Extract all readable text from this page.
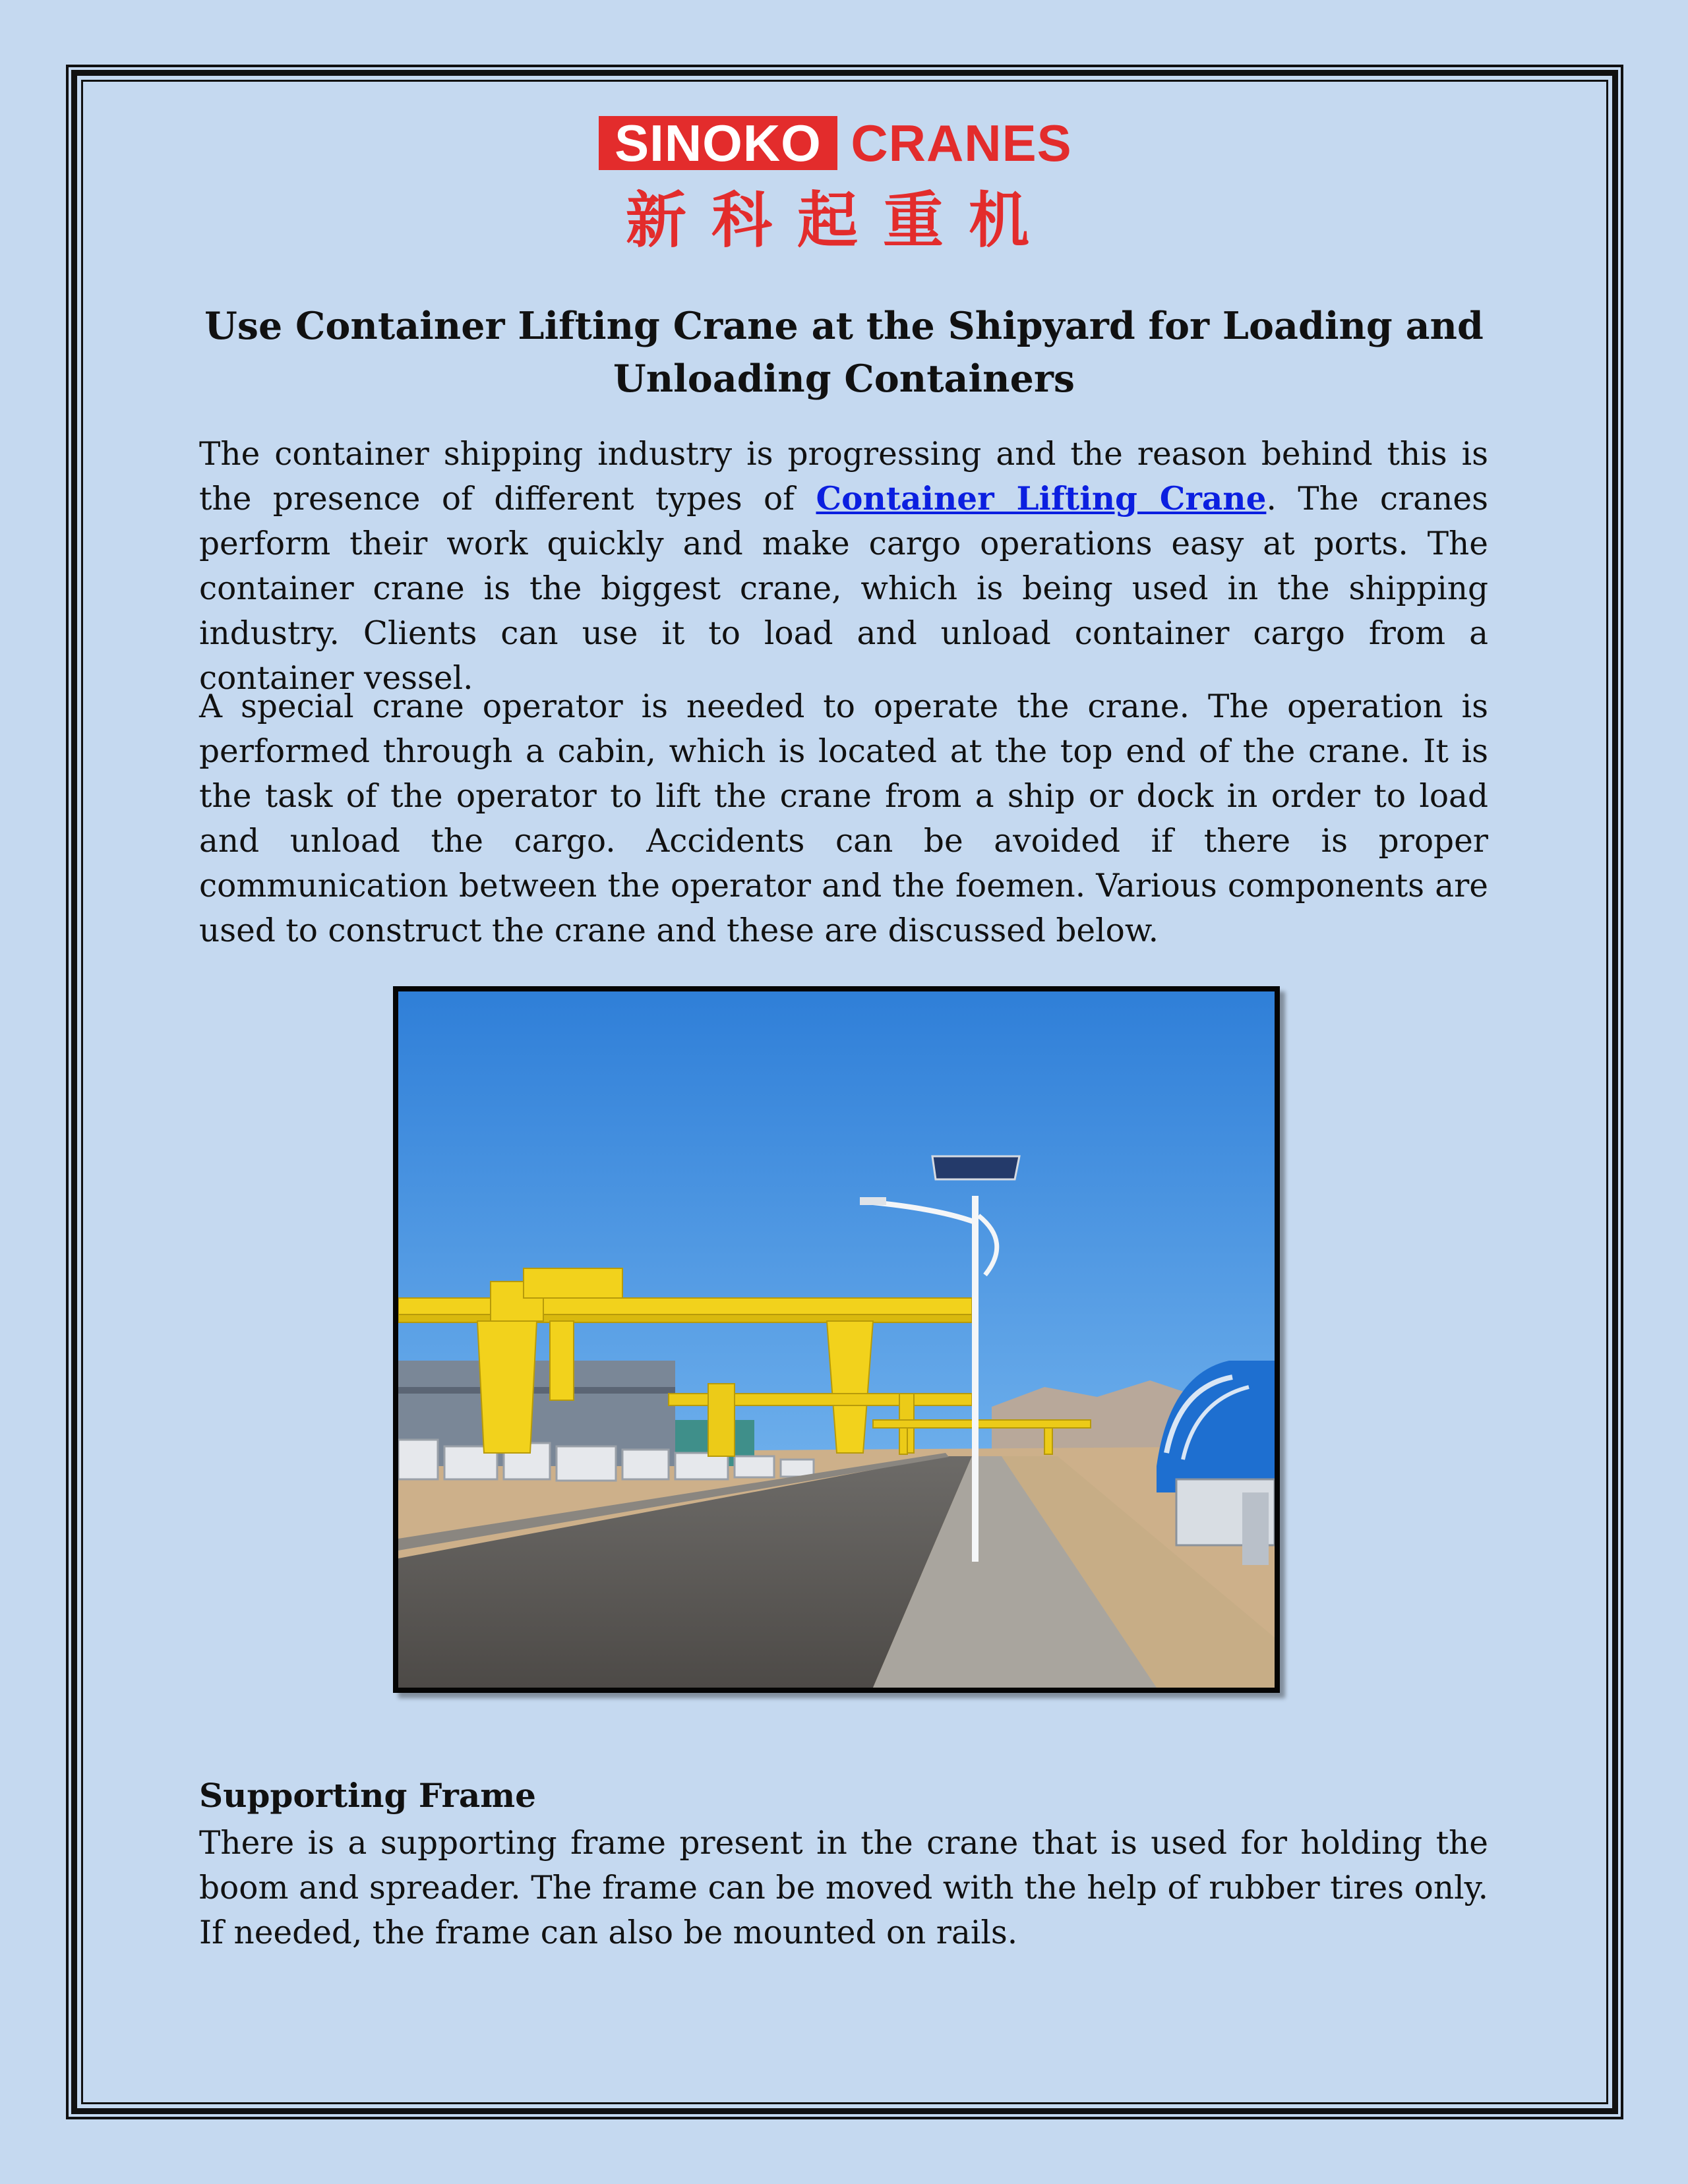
SINOKO CRANES
新科起重机
Use Container Lifting Crane at the Shipyard for Loading and Unloading Containers

The container shipping industry is progressing and the reason behind this is the presence of different types of Container Lifting Crane. The cranes perform their work quickly and make cargo operations easy at ports. The container crane is the biggest crane, which is being used in the shipping industry. Clients can use it to load and unload container cargo from a container vessel.

A special crane operator is needed to operate the crane. The operation is performed through a cabin, which is located at the top end of the crane. It is the task of the operator to lift the crane from a ship or dock in order to load and unload the cargo. Accidents can be avoided if there is proper communication between the operator and the foemen. Various components are used to construct the crane and these are discussed below.

Supporting Frame

There is a supporting frame present in the crane that is used for holding the boom and spreader. The frame can be moved with the help of rubber tires only. If needed, the frame can also be mounted on rails.
